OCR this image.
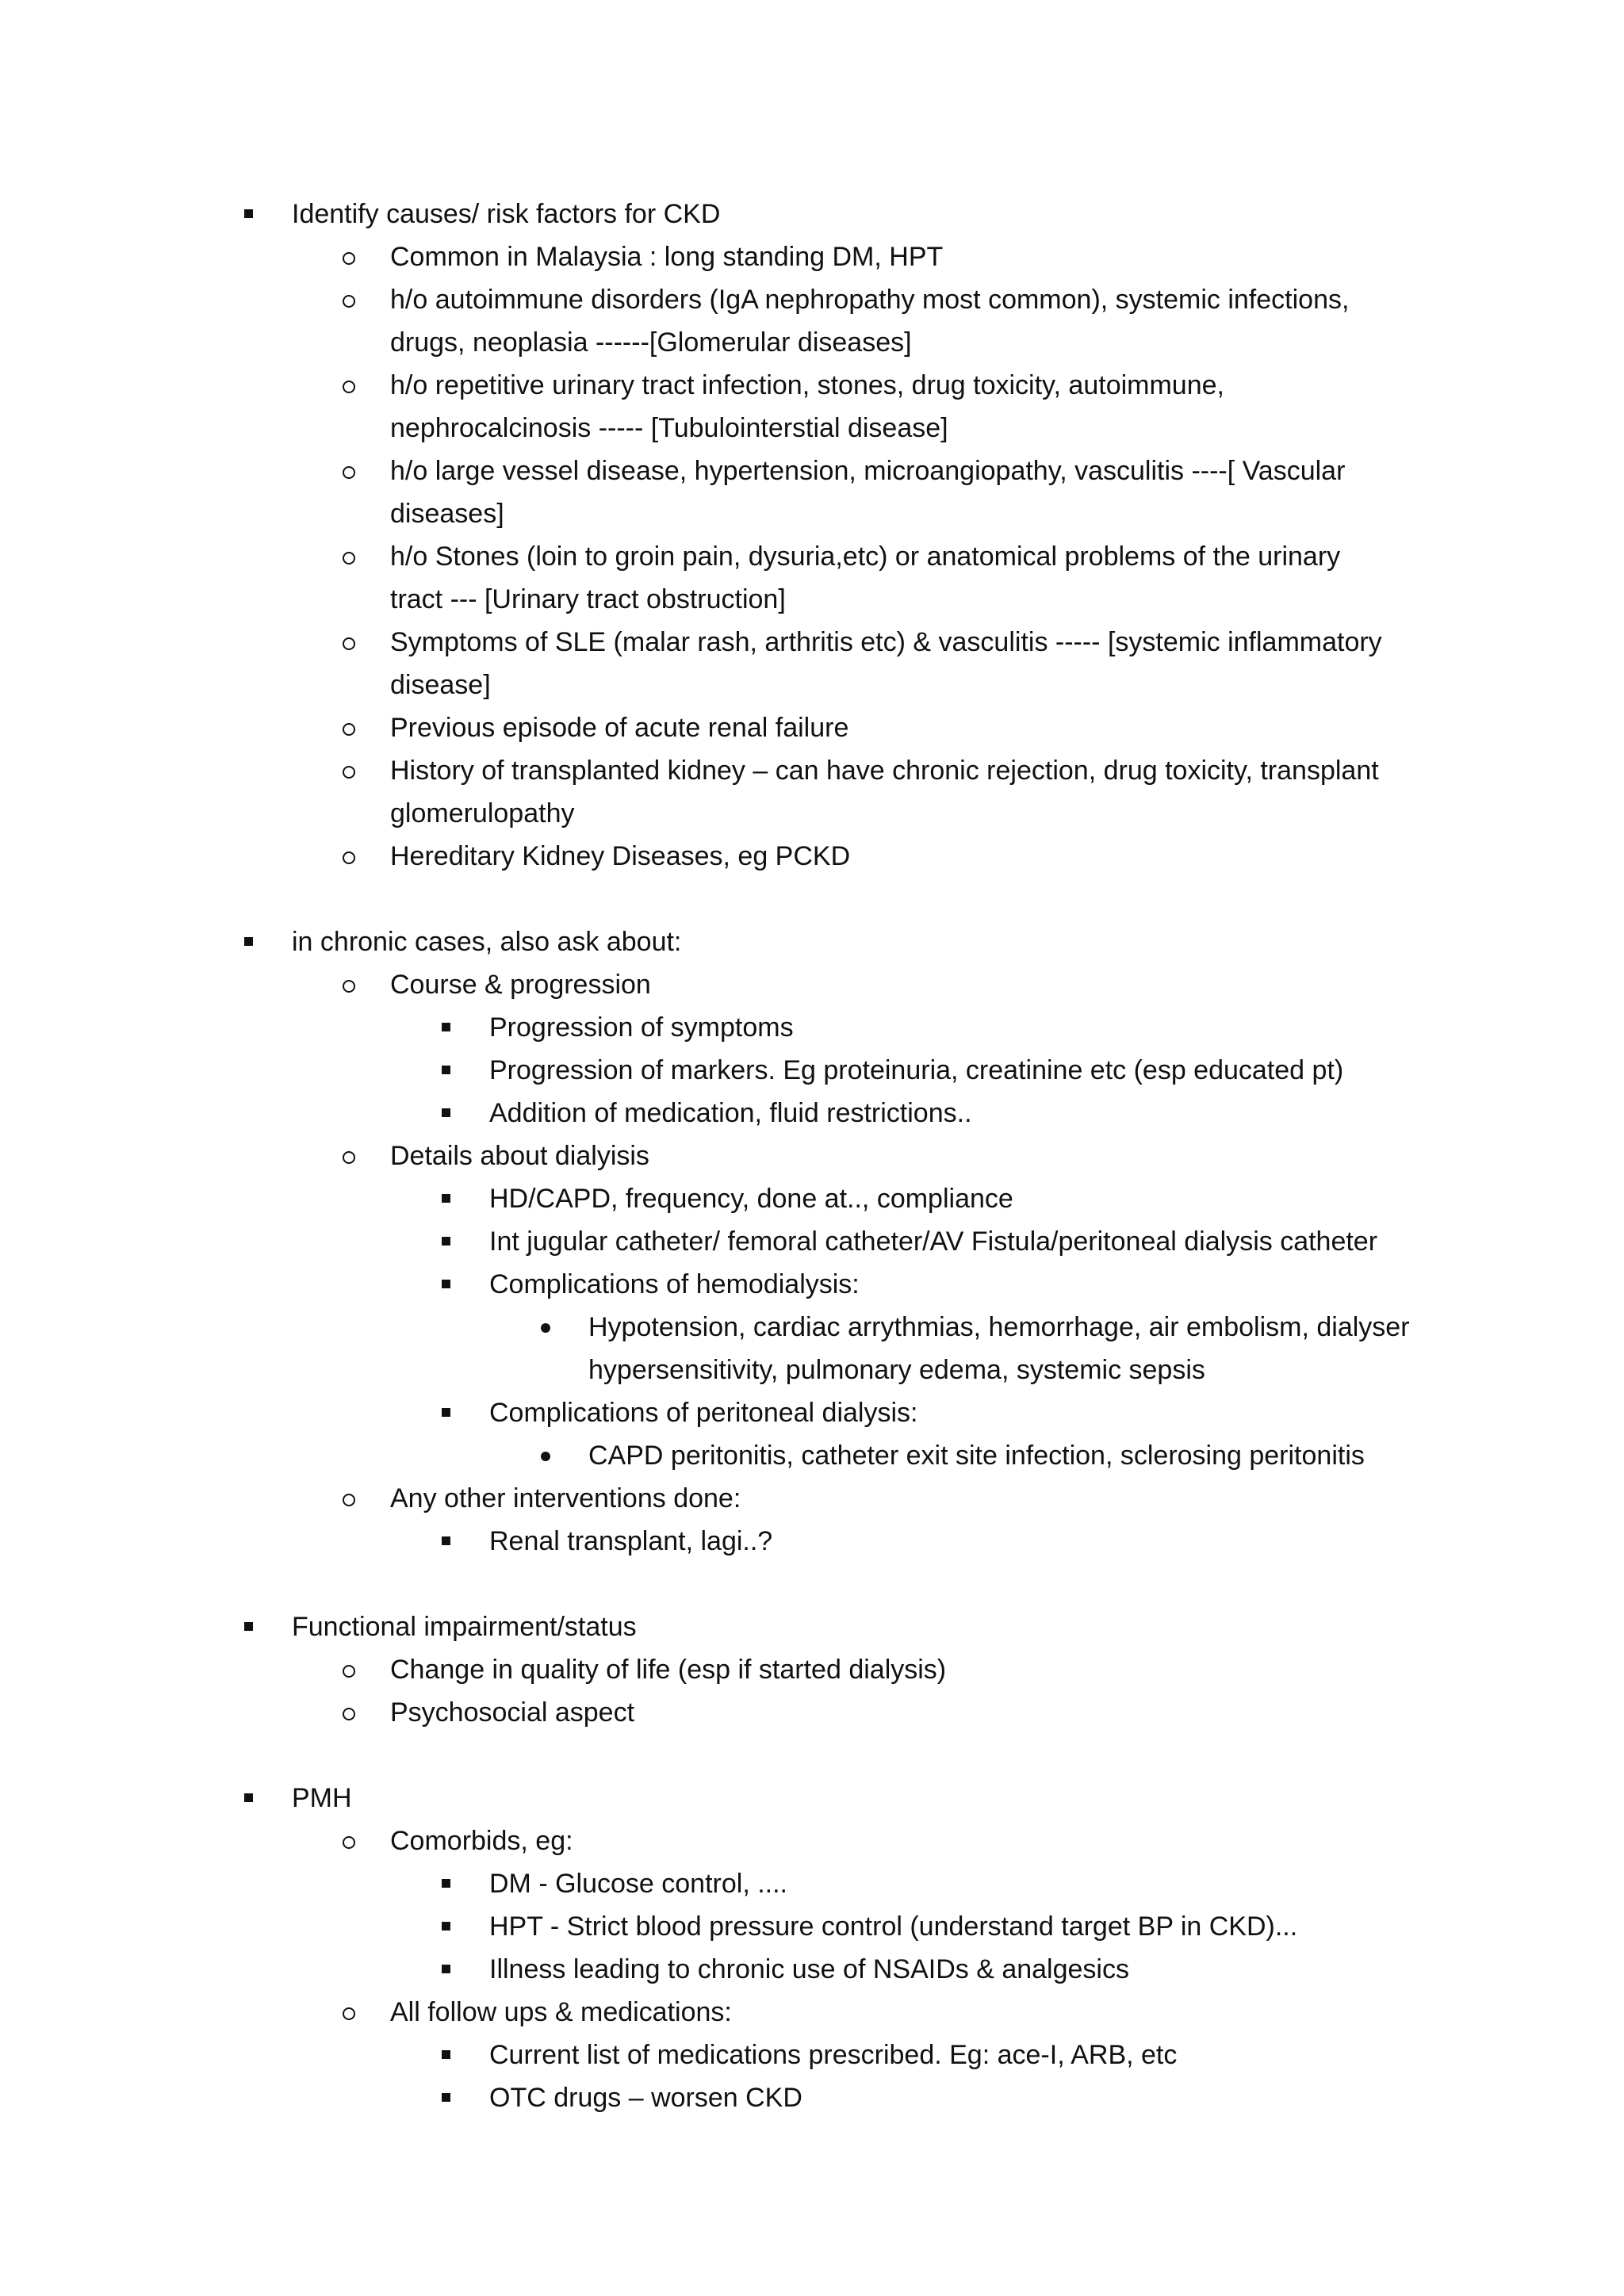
Identify causes/ risk factors for CKD
Common in Malaysia : long standing DM, HPT
h/o autoimmune disorders (IgA nephropathy most common), systemic infections,
drugs, neoplasia ------[Glomerular diseases]
h/o repetitive urinary tract infection, stones, drug toxicity, autoimmune,
nephrocalcinosis ----- [Tubulointerstial disease]
h/o large vessel disease, hypertension, microangiopathy, vasculitis ----[ Vascular
diseases]
h/o Stones (loin to groin pain, dysuria,etc) or anatomical problems of the urinary
tract --- [Urinary tract obstruction]
Symptoms of SLE (malar rash, arthritis etc) & vasculitis ----- [systemic inflammatory
disease]
Previous episode of acute renal failure
History of transplanted kidney – can have chronic rejection, drug toxicity, transplant
glomerulopathy
Hereditary Kidney Diseases, eg PCKD
in chronic cases, also ask about:
Course & progression
Progression of symptoms
Progression of markers. Eg proteinuria, creatinine etc (esp educated pt)
Addition of medication, fluid restrictions..
Details about dialyisis
HD/CAPD, frequency, done at.., compliance
Int jugular catheter/ femoral catheter/AV Fistula/peritoneal dialysis catheter
Complications of hemodialysis:
Hypotension, cardiac arrythmias, hemorrhage, air embolism, dialyser
hypersensitivity, pulmonary edema, systemic sepsis
Complications of peritoneal dialysis:
CAPD peritonitis, catheter exit site infection, sclerosing peritonitis
Any other interventions done:
Renal transplant, lagi..?
Functional impairment/status
Change in quality of life (esp if started dialysis)
Psychosocial aspect
PMH
Comorbids, eg:
DM - Glucose control, ....
HPT - Strict blood pressure control (understand target BP in CKD)...
Illness leading to chronic use of NSAIDs & analgesics
All follow ups & medications:
Current list of medications prescribed. Eg: ace-I, ARB, etc
OTC drugs – worsen CKD
